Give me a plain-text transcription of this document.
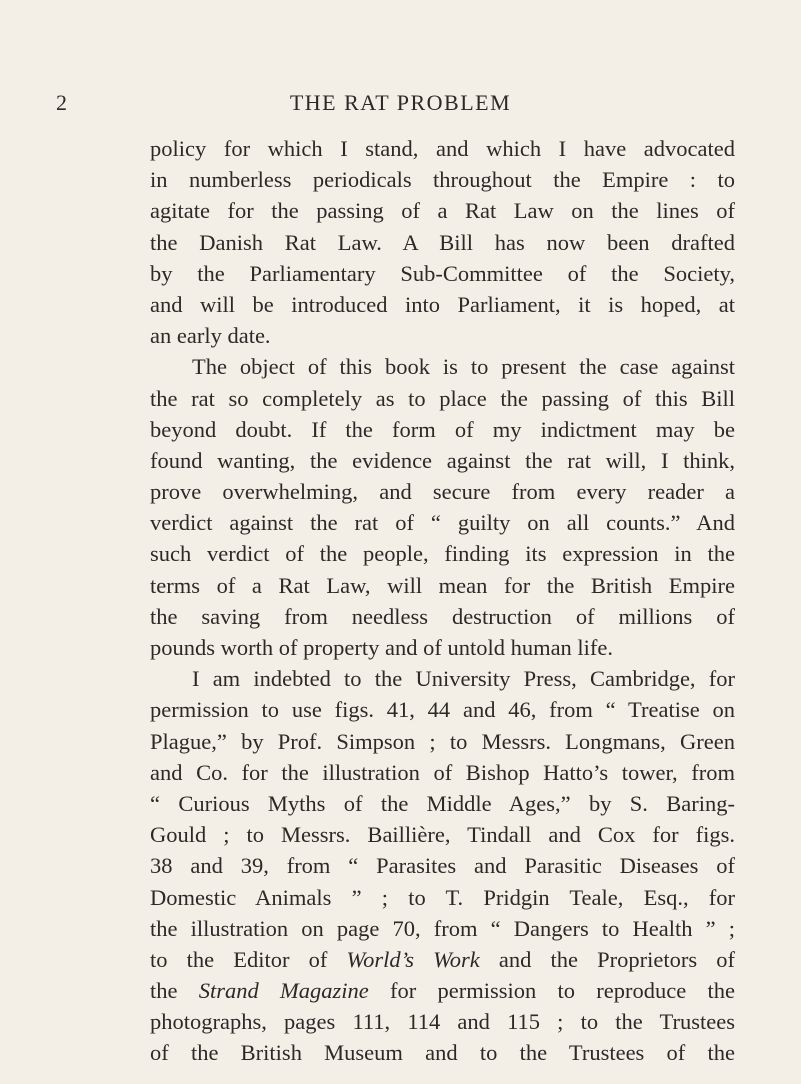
2	THE RAT PROBLEM
policy for which I stand, and which I have advocated
in numberless periodicals throughout the Empire : to
agitate for the passing of a Rat Law on the lines of
the Danish Rat Law. A Bill has now been drafted
by the Parliamentary Sub-Committee of the Society,
and will be introduced into Parliament, it is hoped, at
an early date.
The object of this book is to present the case against
the rat so completely as to place the passing of this Bill
beyond doubt. If the form of my indictment may be
found wanting, the evidence against the rat will, I think,
prove overwhelming, and secure from every reader a
verdict against the rat of “ guilty on all counts.” And
such verdict of the people, finding its expression in the
terms of a Rat Law, will mean for the British Empire
the saving from needless destruction of millions of
pounds worth of property and of untold human life.
I am indebted to the University Press, Cambridge, for
permission to use figs. 41, 44 and 46, from “ Treatise on
Plague,” by Prof. Simpson ; to Messrs. Longmans, Green
and Co. for the illustration of Bishop Hatto’s tower, from
“ Curious Myths of the Middle Ages,” by S. Baring-
Gould ; to Messrs. Baillière, Tindall and Cox for figs.
38 and 39, from “ Parasites and Parasitic Diseases of
Domestic Animals ” ; to T. Pridgin Teale, Esq., for
the illustration on page 70, from “ Dangers to Health ” ;
to the Editor of World’s Work and the Proprietors of
the Strand Magazine for permission to reproduce the
photographs, pages 111, 114 and 115 ; to the Trustees
of the British Museum and to the Trustees of the
